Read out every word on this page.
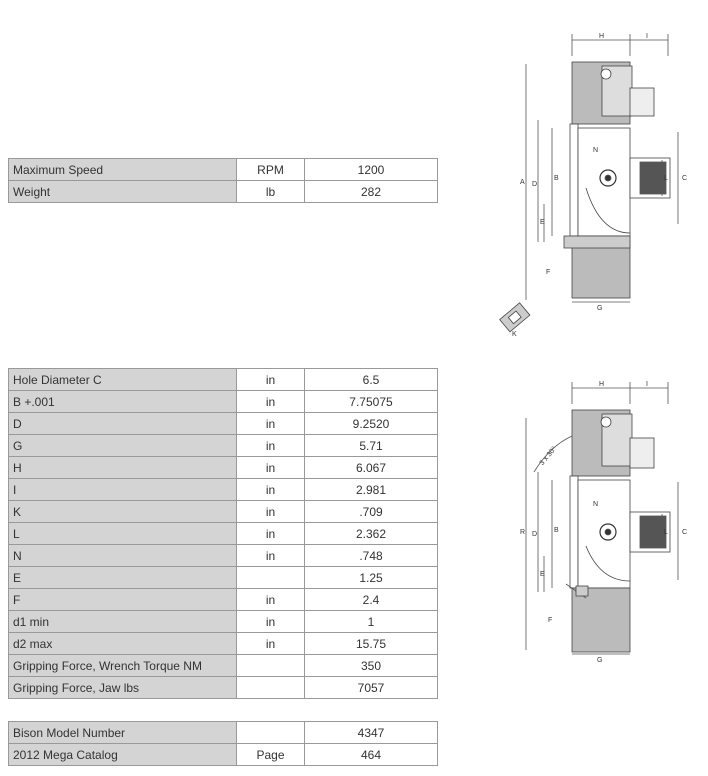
Maximum Speed	RPM	1200
Weight	lb	282
Hole Diameter C	in	6.5
B +.001	in	7.75075
D	in	9.2520
G	in	5.71
H	in	6.067
I	in	2.981
K	in	.709
L	in	2.362
N	in	.748
E		1.25
F	in	2.4
d1 min	in	1
d2 max	in	15.75
Gripping Force, Wrench Torque NM		350
Gripping Force, Jaw lbs		7057
Bison Model Number		4347
2012 Mega Catalog	Page	464
H	I
A D
B
N
C
L
E
F
G
K
H	I
3 x 30°
R D
B
N
C
L
E
F
G
